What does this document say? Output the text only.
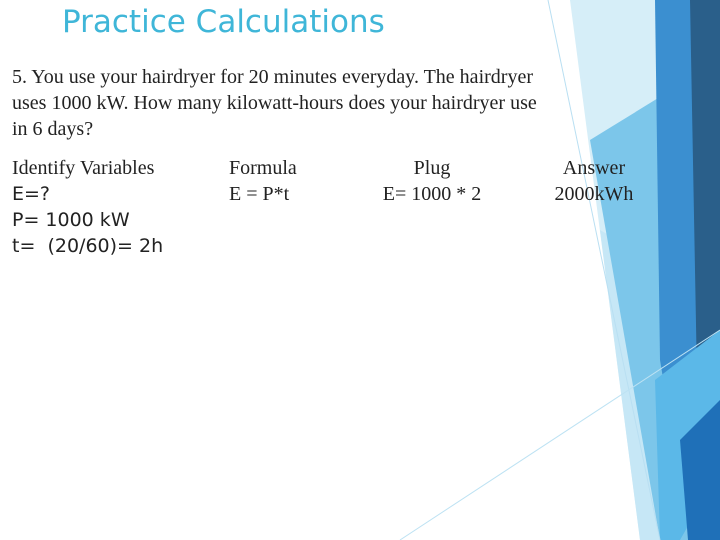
Practice Calculations
5. You use your hairdryer for 20 minutes everyday. The hairdryer
uses 1000 kW. How many kilowatt-hours does your hairdryer use
in 6 days?
Identify Variables
E=?
P= 1000 kW
t=  (20/60)= 2h
Formula
E = P*t
Plug
E= 1000 * 2
Answer
2000kWh
